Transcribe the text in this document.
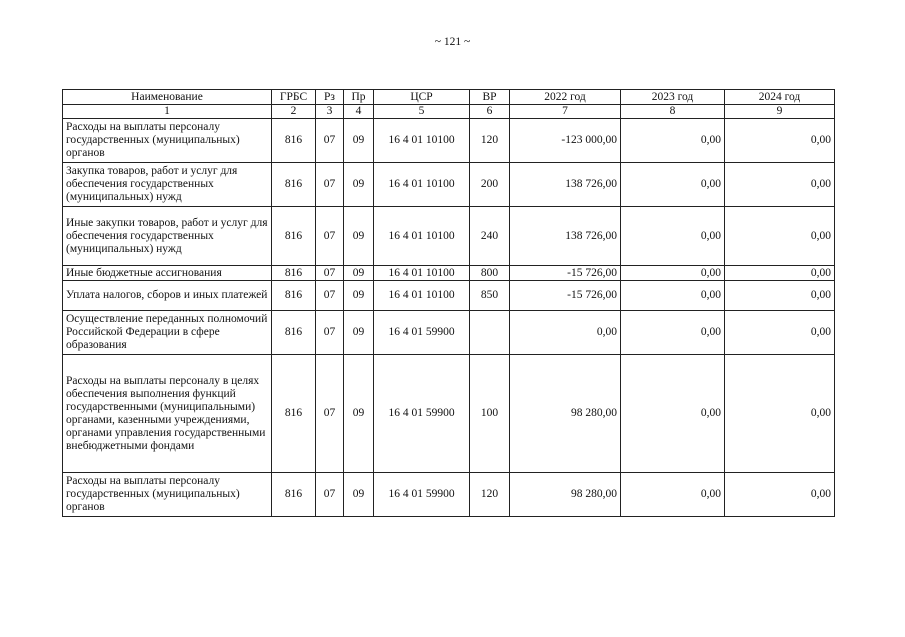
~ 121 ~
Наименование	ГРБС	Рз	Пр	ЦСР	ВР	2022 год	2023 год	2024 год
1	2	3	4	5	6	7	8	9
Расходы на выплаты персоналу государственных (муниципальных) органов	816	07	09	16 4 01 10100	120	-123 000,00	0,00	0,00
Закупка товаров, работ и услуг для обеспечения государственных (муниципальных) нужд	816	07	09	16 4 01 10100	200	138 726,00	0,00	0,00
Иные закупки товаров, работ и услуг для обеспечения государственных (муниципальных) нужд	816	07	09	16 4 01 10100	240	138 726,00	0,00	0,00
Иные бюджетные ассигнования	816	07	09	16 4 01 10100	800	-15 726,00	0,00	0,00
Уплата налогов, сборов и иных платежей	816	07	09	16 4 01 10100	850	-15 726,00	0,00	0,00
Осуществление переданных полномочий Российской Федерации в сфере образования	816	07	09	16 4 01 59900		0,00	0,00	0,00
Расходы на выплаты персоналу в целях обеспечения выполнения функций государственными (муниципальными) органами, казенными учреждениями, органами управления государственными внебюджетными фондами	816	07	09	16 4 01 59900	100	98 280,00	0,00	0,00
Расходы на выплаты персоналу государственных (муниципальных) органов	816	07	09	16 4 01 59900	120	98 280,00	0,00	0,00
